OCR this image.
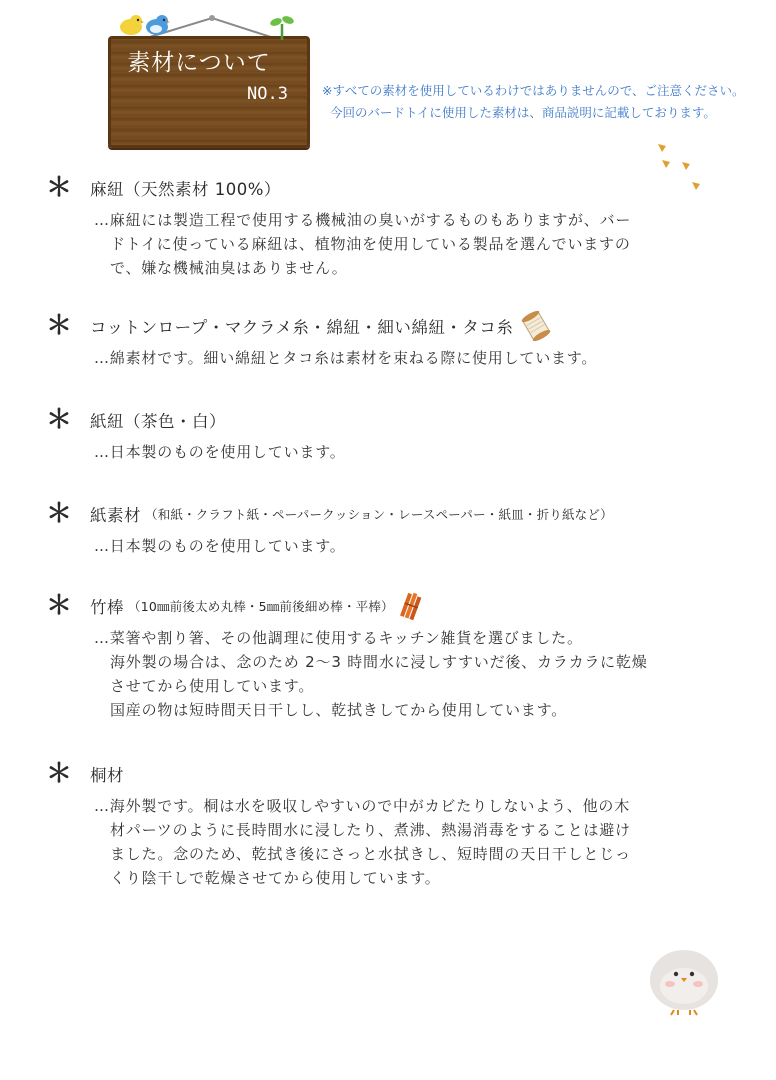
素材について
NO.3	※すべての素材を使用しているわけではありませんので、ご注意ください。
今回のバードトイに使用した素材は、商品説明に記載しております。
＊	麻紐（天然素材 100%）
…麻紐には製造工程で使用する機械油の臭いがするものもありますが、バー
ドトイに使っている麻紐は、植物油を使用している製品を選んでいますの
で、嫌な機械油臭はありません。
＊	コットンロープ・マクラメ糸・綿紐・細い綿紐・タコ糸
…綿素材です。細い綿紐とタコ糸は素材を束ねる際に使用しています。
＊	紙紐（茶色・白）
…日本製のものを使用しています。
＊	紙素材 （和紙・クラフト紙・ペーパークッション・レースペーパー・紙皿・折り紙など）
…日本製のものを使用しています。
＊	竹棒 （10㎜前後太め丸棒・5㎜前後細め棒・平棒）
…菜箸や割り箸、その他調理に使用するキッチン雑貨を選びました。
海外製の場合は、念のため 2〜3 時間水に浸しすすいだ後、カラカラに乾燥
させてから使用しています。
国産の物は短時間天日干しし、乾拭きしてから使用しています。
＊	桐材
…海外製です。桐は水を吸収しやすいので中がカビたりしないよう、他の木
材パーツのように長時間水に浸したり、煮沸、熱湯消毒をすることは避け
ました。念のため、乾拭き後にさっと水拭きし、短時間の天日干しとじっ
くり陰干しで乾燥させてから使用しています。
